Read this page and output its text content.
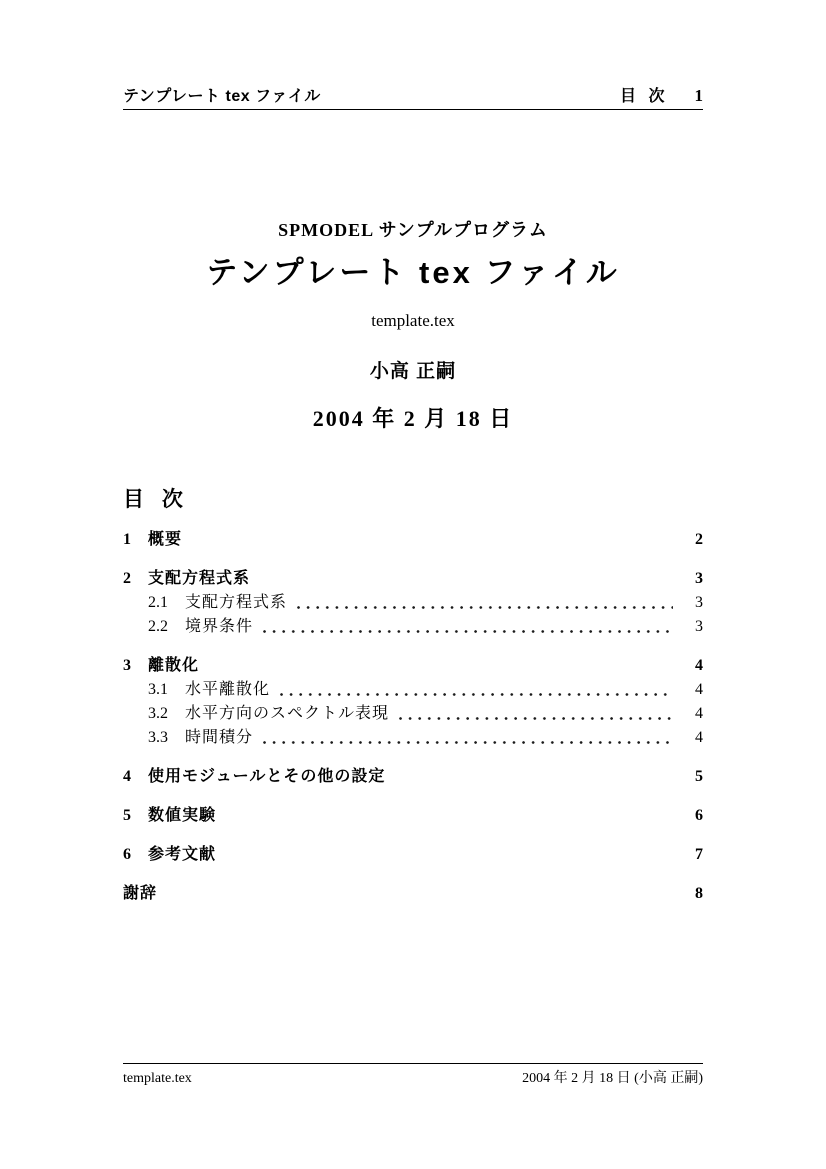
テンプレート tex ファイル	目 次 1
SPMODEL サンプルプログラム
テンプレート tex ファイル
template.tex
小高 正嗣
2004 年 2 月 18 日
目 次
1	概要	2
2	支配方程式系	3
2.1	支配方程式系	3
2.2	境界条件	3
3	離散化	4
3.1	水平離散化	4
3.2	水平方向のスペクトル表現	4
3.3	時間積分	4
4	使用モジュールとその他の設定	5
5	数値実験	6
6	参考文献	7
謝辞	8
template.tex	2004 年 2 月 18 日 (小高 正嗣)
